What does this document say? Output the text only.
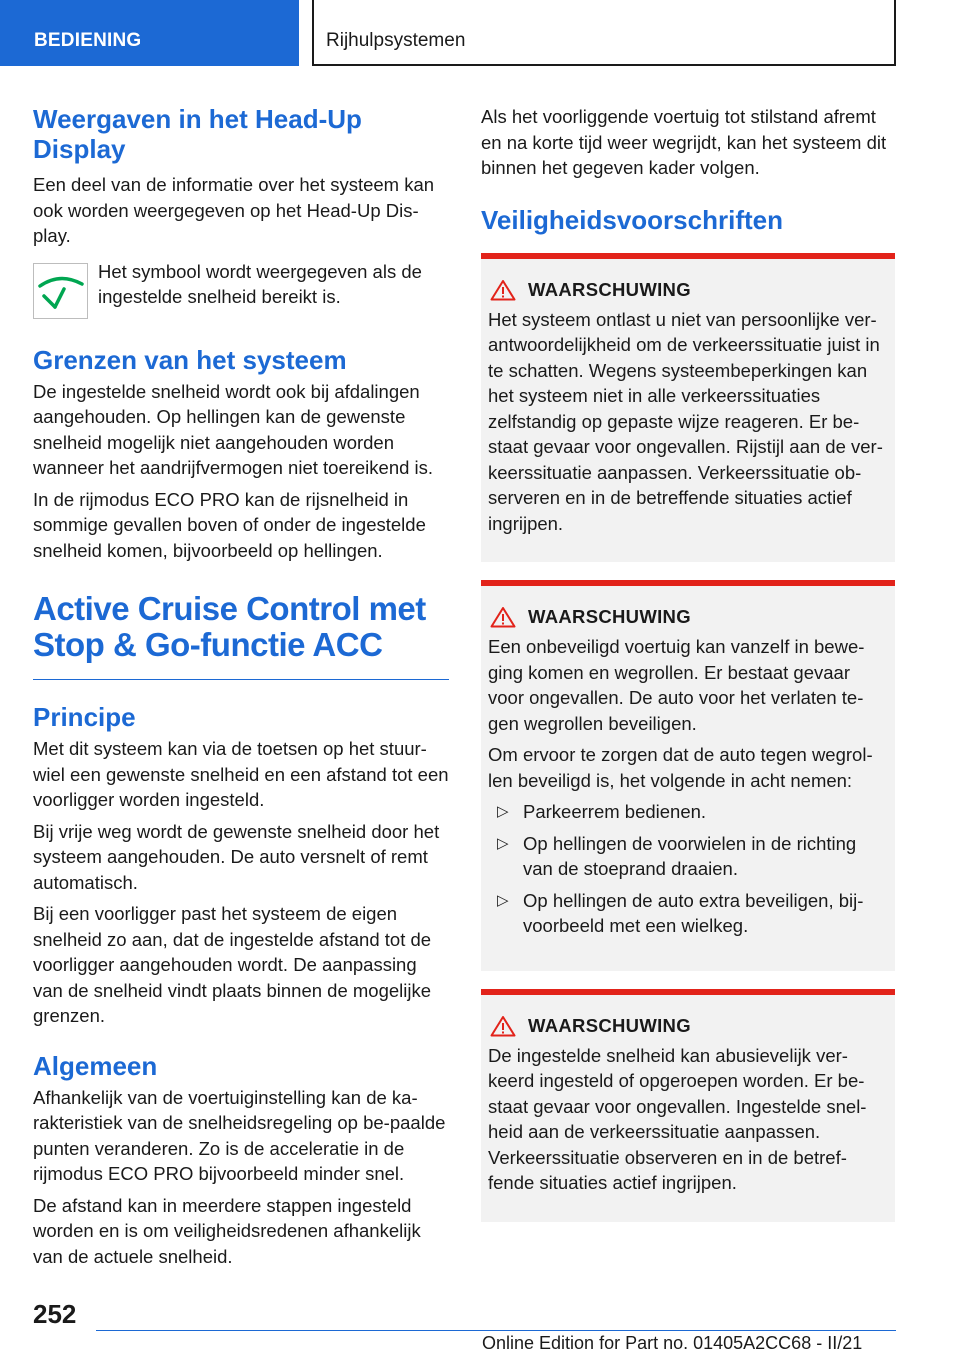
BEDIENING	Rijhulpsystemen
Weergaven in het Head-Up Display

Een deel van de informatie over het systeem kan ook worden weergegeven op het Head-Up Dis-play.

Het symbool wordt weergegeven als de ingestelde snelheid bereikt is.

Grenzen van het systeem

De ingestelde snelheid wordt ook bij afdalingen aangehouden. Op hellingen kan de gewenste snelheid mogelijk niet aangehouden worden wanneer het aandrijfvermogen niet toereikend is.

In de rijmodus ECO PRO kan de rijsnelheid in sommige gevallen boven of onder de ingestelde snelheid komen, bijvoorbeeld op hellingen.

Active Cruise Control met Stop & Go-functie ACC
Principe

Met dit systeem kan via de toetsen op het stuur-wiel een gewenste snelheid en een afstand tot een voorligger worden ingesteld.

Bij vrije weg wordt de gewenste snelheid door het systeem aangehouden. De auto versnelt of remt automatisch.

Bij een voorligger past het systeem de eigen snelheid zo aan, dat de ingestelde afstand tot de voorligger aangehouden wordt. De aanpassing van de snelheid vindt plaats binnen de mogelijke grenzen.

Algemeen

Afhankelijk van de voertuiginstelling kan de ka-rakteristiek van de snelheidsregeling op be-paalde punten veranderen. Zo is de acceleratie in de rijmodus ECO PRO bijvoorbeeld minder snel.

De afstand kan in meerdere stappen ingesteld worden en is om veiligheidsredenen afhankelijk van de actuele snelheid.

Als het voorliggende voertuig tot stilstand afremt en na korte tijd weer wegrijdt, kan het systeem dit binnen het gegeven kader volgen.

Veiligheidsvoorschriften
WAARSCHUWING

Het systeem ontlast u niet van persoonlijke ver-antwoordelijkheid om de verkeerssituatie juist in te schatten. Wegens systeembeperkingen kan het systeem niet in alle verkeerssituaties zelfstandig op gepaste wijze reageren. Er be-staat gevaar voor ongevallen. Rijstijl aan de ver-keerssituatie aanpassen. Verkeerssituatie ob-serveren en in de betreffende situaties actief ingrijpen.

WAARSCHUWING

Een onbeveiligd voertuig kan vanzelf in bewe-ging komen en wegrollen. Er bestaat gevaar voor ongevallen. De auto voor het verlaten te-gen wegrollen beveiligen.

Om ervoor te zorgen dat de auto tegen wegrol-len beveiligd is, het volgende in acht nemen:

▷ Parkeerrem bedienen.
▷ Op hellingen de voorwielen in de richting van de stoeprand draaien.
▷ Op hellingen de auto extra beveiligen, bij-voorbeeld met een wielkeg.
WAARSCHUWING

De ingestelde snelheid kan abusievelijk ver-keerd ingesteld of opgeroepen worden. Er be-staat gevaar voor ongevallen. Ingestelde snel-heid aan de verkeerssituatie aanpassen. Verkeerssituatie observeren en in de betref-fende situaties actief ingrijpen.

252
Online Edition for Part no. 01405A2CC68 - II/21
